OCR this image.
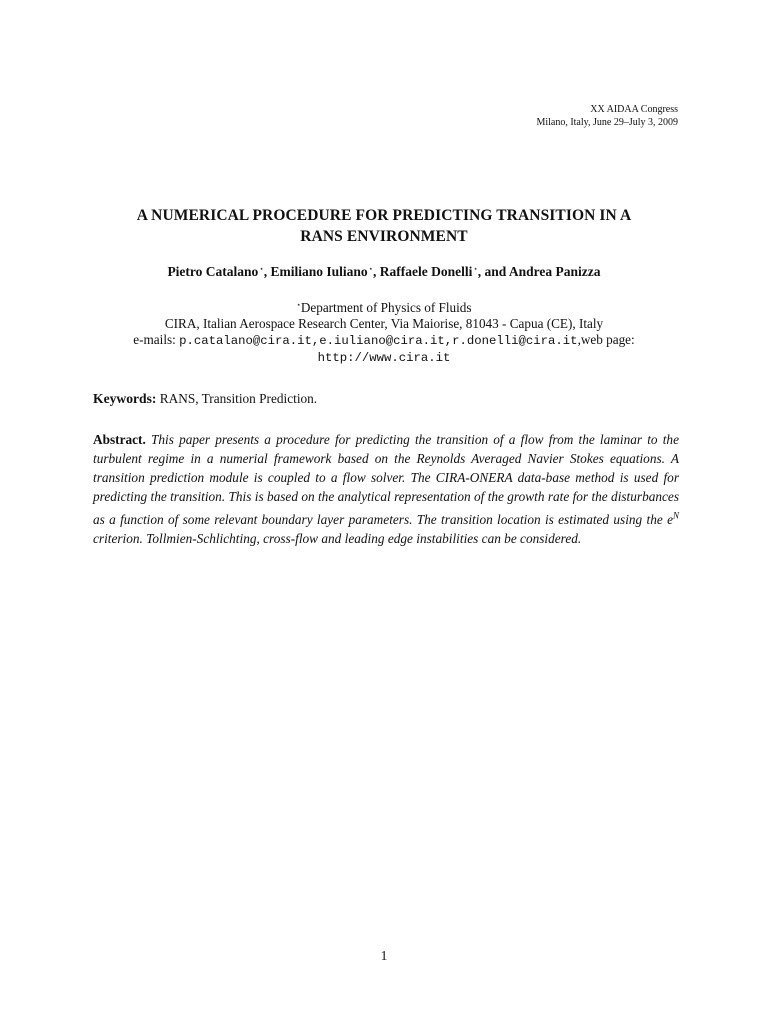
XX AIDAA Congress
Milano, Italy, June 29–July 3, 2009
A NUMERICAL PROCEDURE FOR PREDICTING TRANSITION IN A
RANS ENVIRONMENT
Pietro Catalano⋆, Emiliano Iuliano⋆, Raffaele Donelli⋆, and Andrea Panizza
⋆Department of Physics of Fluids
CIRA, Italian Aerospace Research Center, Via Maiorise, 81043 - Capua (CE), Italy
e-mails: p.catalano@cira.it,e.iuliano@cira.it,r.donelli@cira.it,web page:
http://www.cira.it
Keywords: RANS, Transition Prediction.
Abstract. This paper presents a procedure for predicting the transition of a flow from the laminar to the turbulent regime in a numerial framework based on the Reynolds Averaged Navier Stokes equations. A transition prediction module is coupled to a flow solver. The CIRA-ONERA data-base method is used for predicting the transition. This is based on the analytical representation of the growth rate for the disturbances as a function of some relevant boundary layer parameters. The transition location is estimated using the $e^N$ criterion. Tollmien-Schlichting, cross-flow and leading edge instabilities can be considered.
1
